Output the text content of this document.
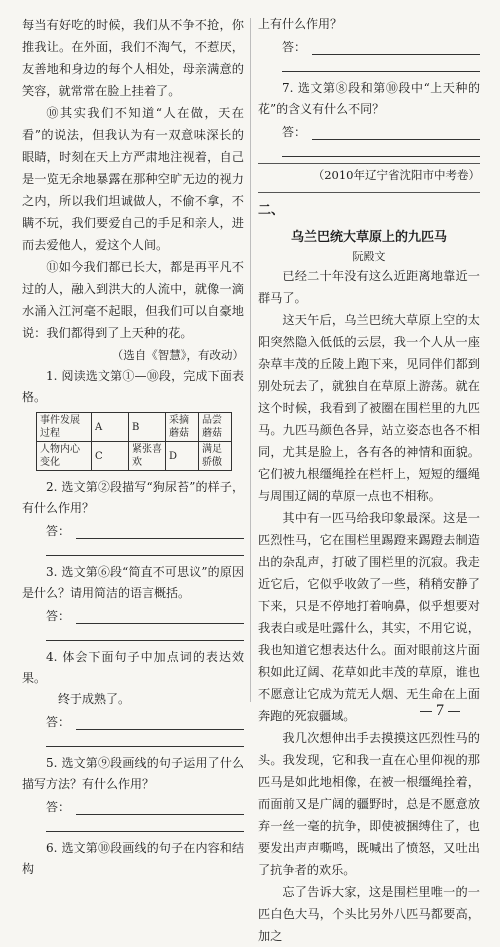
每当有好吃的时候，我们从不争不抢，你推我让。在外面，我们不淘气，不惹厌，友善地和身边的每个人相处，母亲满意的笑容，就常常在脸上挂着了。

⑩其实我们不知道“人在做，天在看”的说法，但我认为有一双意味深长的眼睛，时刻在天上方严肃地注视着，自己是一览无余地暴露在那种空旷无边的视力之内，所以我们坦诚做人，不偷不拿，不瞒不玩，我们要爱自己的手足和亲人，进而去爱他人，爱这个人间。

⑪如今我们都已长大，都是再平凡不过的人，融入到洪大的人流中，就像一滴水涌入江河毫不起眼，但我们可以自豪地说：我们都得到了上天种的花。

（选自《智慧》，有改动）

1. 阅读选文第①—⑩段，完成下面表格。

事件发展过程	A	B	采摘蘑菇	品尝蘑菇
人物内心变化	C	紧张喜欢	D	满足骄傲

2. 选文第②段描写“狗尿苔”的样子，有什么作用？

答：

3. 选文第⑥段“简直不可思议”的原因是什么？请用简洁的语言概括。

答：

4. 体会下面句子中加点词的表达效果。

终于成熟了。

答：

5. 选文第⑨段画线的句子运用了什么描写方法？有什么作用？

答：

6. 选文第⑩段画线的句子在内容和结构

上有什么作用？

答：

7. 选文第⑧段和第⑩段中“上天种的花”的含义有什么不同？

答：

（2010年辽宁省沈阳市中考卷）

二、
乌兰巴统大草原上的九匹马
阮殿文

已经二十年没有这么近距离地靠近一群马了。

这天午后，乌兰巴统大草原上空的太阳突然隐入低低的云层，我一个人从一座杂草丰茂的丘陵上跑下来，见同伴们都到别处玩去了，就独自在草原上游荡。就在这个时候，我看到了被圈在围栏里的九匹马。九匹马颜色各异，站立姿态也各不相同，尤其是脸上，各有各的神情和面貌。它们被九根缰绳拴在栏杆上，短短的缰绳与周围辽阔的草原一点也不相称。

其中有一匹马给我印象最深。这是一匹烈性马，它在围栏里踢蹬来踢蹬去制造出的杂乱声，打破了围栏里的沉寂。我走近它后，它似乎收敛了一些，稍稍安静了下来，只是不停地打着响鼻，似乎想要对我表白或是吐露什么，其实，不用它说，我也知道它想表达什么。面对眼前这片面积如此辽阔、花草如此丰茂的草原，谁也不愿意让它成为荒无人烟、无生命在上面奔跑的死寂疆域。

我几次想伸出手去摸摸这匹烈性马的头。我发现，它和我一直在心里仰视的那匹马是如此地相像，在被一根缰绳拴着，而面前又是广阔的疆野时，总是不愿意放弃一丝一毫的抗争，即使被捆缚住了，也要发出声声嘶鸣，既喊出了愤怒，又吐出了抗争者的欢乐。

忘了告诉大家，这是围栏里唯一的一匹白色大马，个头比另外八匹马都要高，加之

7
